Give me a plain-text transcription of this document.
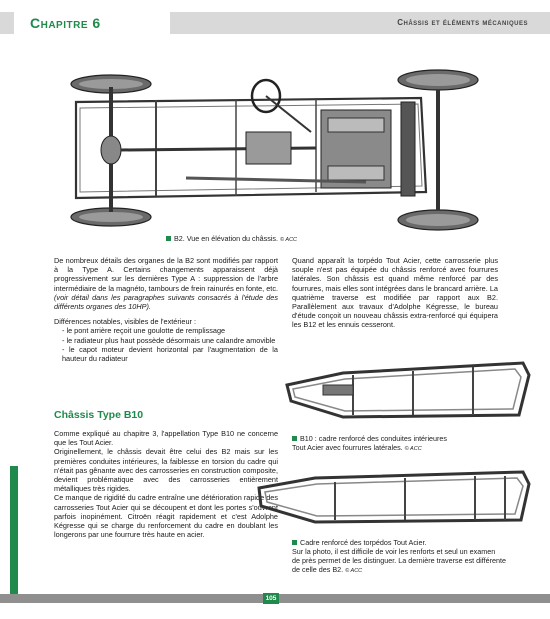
Chapitre 6	Châssis et éléments mécaniques
B2. Vue en élévation du châssis. © ACC

De nombreux détails des organes de la B2 sont modifiés par rapport à la Type A. Certains changements apparaissent déjà progressivement sur les dernières Type A : suppression de l'arbre intermédiaire de la magnéto, tambours de frein rainurés en fonte, etc. (voir détail dans les paragraphes suivants consacrés à l'étude des différents organes des 10HP).

Différences notables, visibles de l'extérieur :

- le pont arrière reçoit une goulotte de remplissage
- le radiateur plus haut possède désormais une calandre amovible
- le capot moteur devient horizontal par l'augmentation de la hauteur du radiateur
Châssis Type B10

Comme expliqué au chapitre 3, l'appellation Type B10 ne concerne que les Tout Acier.

Originellement, le châssis devait être celui des B2 mais sur les premières conduites intérieures, la faiblesse en torsion du cadre qui n'était pas gênante avec des carrosseries en construction composite, devient problématique avec des carrosseries entièrement métalliques très rigides.

Ce manque de rigidité du cadre entraîne une détérioration rapide des carrosseries Tout Acier qui se découpent et dont les portes s'ouvrent parfois inopinément. Citroën réagit rapidement et c'est Adolphe Kégresse qui se charge du renforcement du cadre en doublant les longerons par une fourrure très haute en acier.

Quand apparaît la torpédo Tout Acier, cette carrosserie plus souple n'est pas équipée du châssis renforcé avec fourrures latérales. Son châssis est quand même renforcé par des fourrures, mais elles sont intégrées dans le brancard arrière. La quatrième traverse est modifiée par rapport aux B2. Parallèlement aux travaux d'Adolphe Kégresse, le bureau d'étude conçoit un nouveau châssis extra-renforcé qui équipera les B12 et les ennuis cesseront.

B10 : cadre renforcé des conduites intérieures
Tout Acier avec fourrures latérales. © ACC
Cadre renforcé des torpédos Tout Acier.
Sur la photo, il est difficile de voir les renforts et seul un examen
de près permet de les distinguer. La dernière traverse est différente
de celle des B2. © ACC
105
